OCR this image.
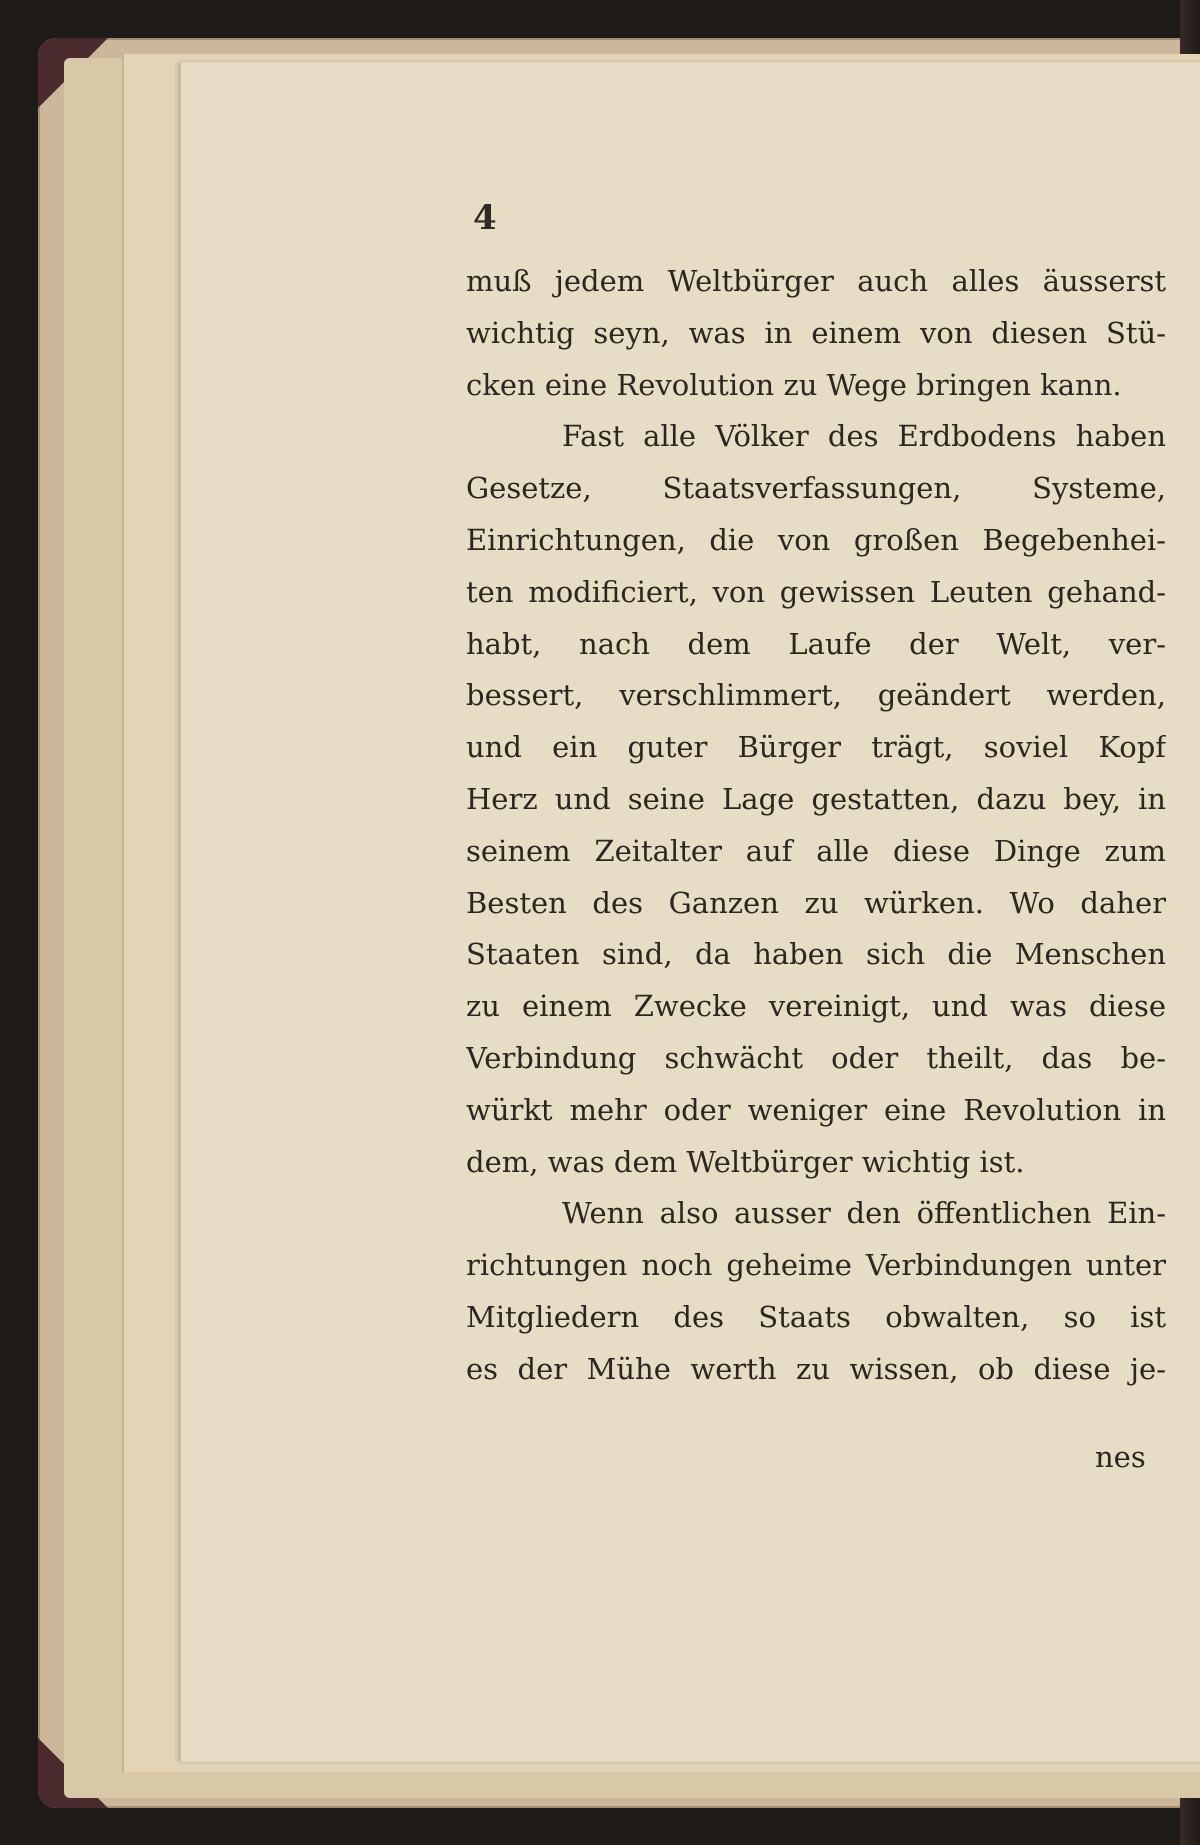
4
muß jedem Weltbürger auch alles äusserst
wichtig seyn, was in einem von diesen Stü-
cken eine Revolution zu Wege bringen kann.
Fast alle Völker des Erdbodens haben
Gesetze, Staatsverfassungen, Systeme,
Einrichtungen, die von großen Begebenhei-
ten modificiert, von gewissen Leuten gehand-
habt, nach dem Laufe der Welt, ver-
bessert, verschlimmert, geändert werden,
und ein guter Bürger trägt, soviel Kopf
Herz und seine Lage gestatten, dazu bey, in
seinem Zeitalter auf alle diese Dinge zum
Besten des Ganzen zu würken. Wo daher
Staaten sind, da haben sich die Menschen
zu einem Zwecke vereinigt, und was diese
Verbindung schwächt oder theilt, das be-
würkt mehr oder weniger eine Revolution in
dem, was dem Weltbürger wichtig ist.
Wenn also ausser den öffentlichen Ein-
richtungen noch geheime Verbindungen unter
Mitgliedern des Staats obwalten, so ist
es der Mühe werth zu wissen, ob diese je-
nes
